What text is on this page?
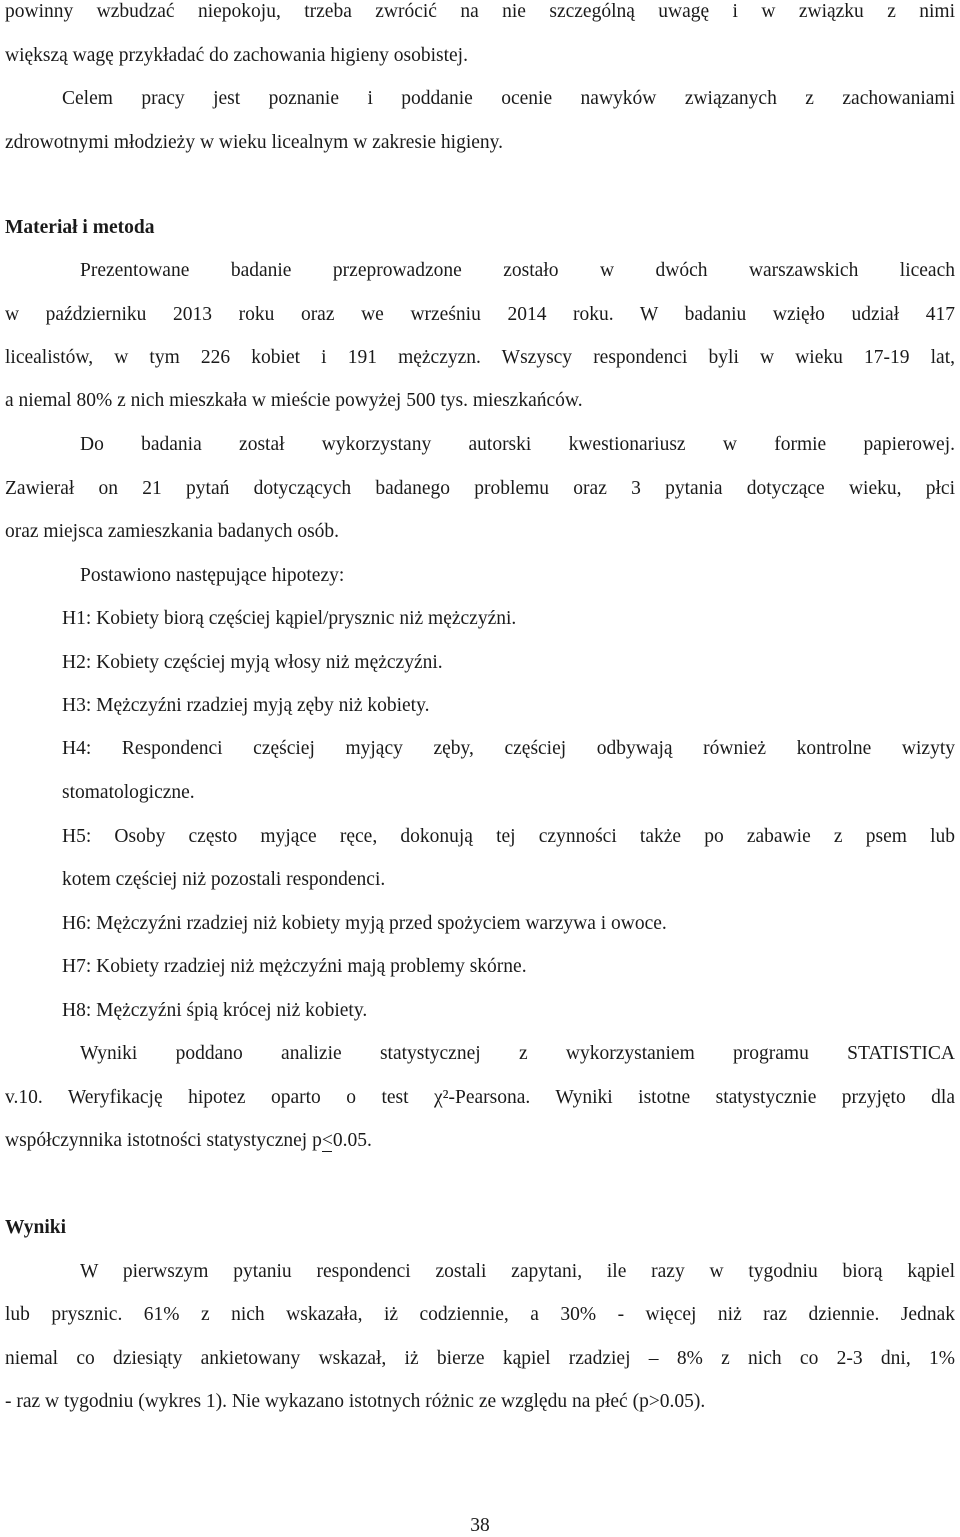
powinny wzbudzać niepokoju, trzeba zwrócić na nie szczególną uwagę i w związku z nimi
większą wagę przykładać do zachowania higieny osobistej.
Celem pracy jest poznanie i poddanie ocenie nawyków związanych z zachowaniami
zdrowotnymi młodzieży w wieku licealnym w zakresie higieny.
Materiał i metoda
Prezentowane badanie przeprowadzone zostało w dwóch warszawskich liceach
w październiku 2013 roku oraz we wrześniu 2014 roku. W badaniu wzięło udział 417
licealistów, w tym 226 kobiet i 191 mężczyzn. Wszyscy respondenci byli w wieku 17-19 lat,
a niemal 80% z nich mieszkała w mieście powyżej 500 tys. mieszkańców.
Do badania został wykorzystany autorski kwestionariusz w formie papierowej.
Zawierał on 21 pytań dotyczących badanego problemu oraz 3 pytania dotyczące wieku, płci
oraz miejsca zamieszkania badanych osób.
Postawiono następujące hipotezy:
H1: Kobiety biorą częściej kąpiel/prysznic niż mężczyźni.
H2: Kobiety częściej myją włosy niż mężczyźni.
H3: Mężczyźni rzadziej myją zęby niż kobiety.
H4: Respondenci częściej myjący zęby, częściej odbywają również kontrolne wizyty
stomatologiczne.
H5: Osoby często myjące ręce, dokonują tej czynności także po zabawie z psem lub
kotem częściej niż pozostali respondenci.
H6: Mężczyźni rzadziej niż kobiety myją przed spożyciem warzywa i owoce.
H7: Kobiety rzadziej niż mężczyźni mają problemy skórne.
H8: Mężczyźni śpią krócej niż kobiety.
Wyniki poddano analizie statystycznej z wykorzystaniem programu STATISTICA
v.10. Weryfikację hipotez oparto o test χ²-Pearsona. Wyniki istotne statystycznie przyjęto dla
współczynnika istotności statystycznej p<0.05.
Wyniki
W pierwszym pytaniu respondenci zostali zapytani, ile razy w tygodniu biorą kąpiel
lub prysznic. 61% z nich wskazała, iż codziennie, a 30% - więcej niż raz dziennie. Jednak
niemal co dziesiąty ankietowany wskazał, iż bierze kąpiel rzadziej – 8% z nich co 2-3 dni, 1%
- raz w tygodniu (wykres 1). Nie wykazano istotnych różnic ze względu na płeć (p>0.05).
38
